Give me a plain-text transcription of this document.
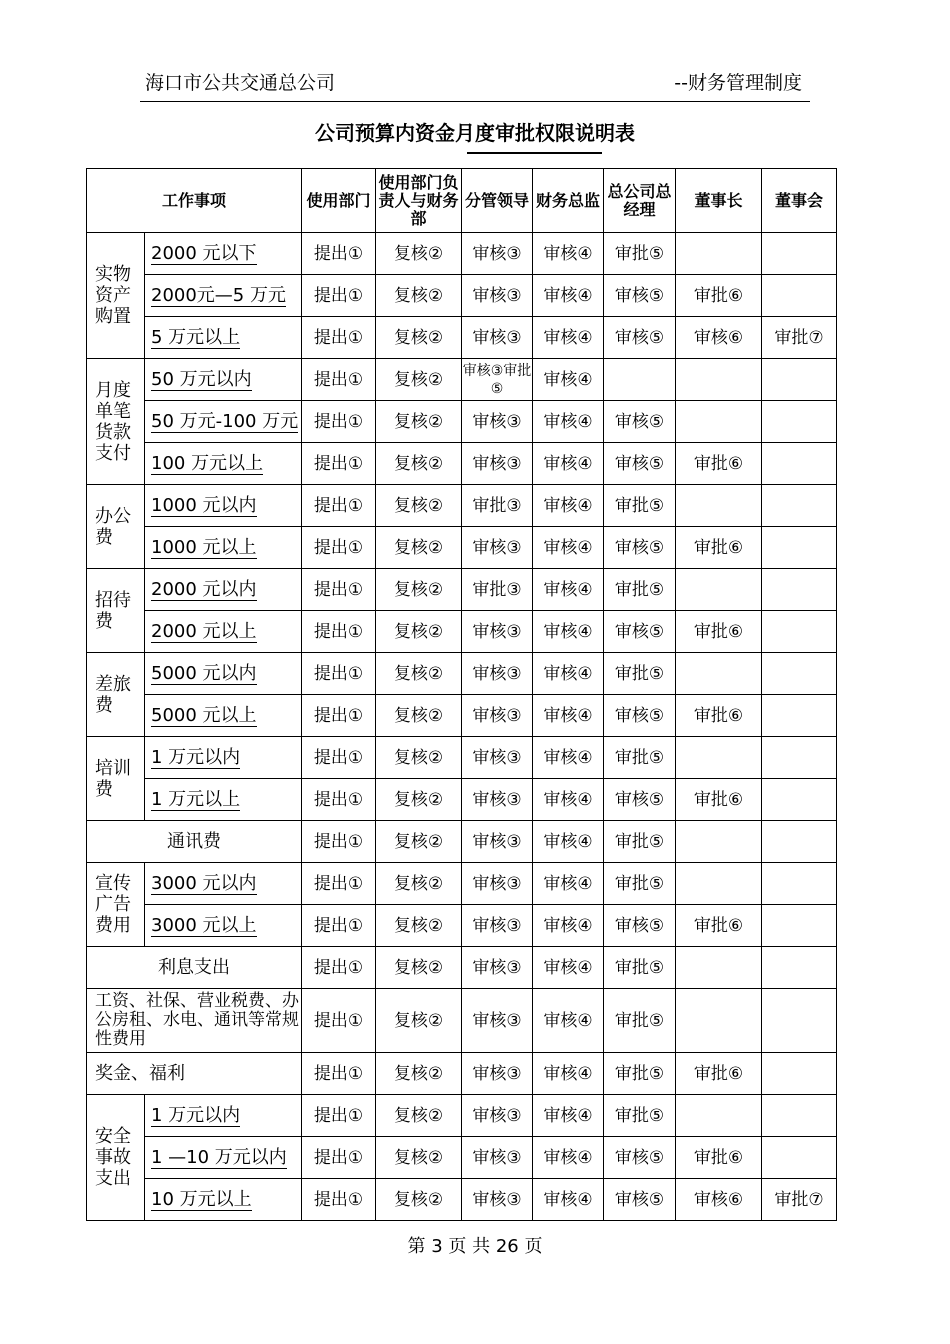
海口市公共交通总公司	--财务管理制度
公司预算内资金月度审批权限说明表
工作事项		使用部门	使用部门负责人与财务部	分管领导	财务总监	总公司总经理	董事长	董事会
实物资产购置	2000 元以下	提出①	复核②	审核③	审核④	审批⑤		
	2000元—5 万元	提出①	复核②	审核③	审核④	审核⑤	审批⑥	
	5 万元以上	提出①	复核②	审核③	审核④	审核⑤	审核⑥	审批⑦
月度单笔货款支付	50 万元以内	提出①	复核②	审核③审批⑤	审核④			
	50 万元-100 万元	提出①	复核②	审核③	审核④	审核⑤		
	100 万元以上	提出①	复核②	审核③	审核④	审核⑤	审批⑥	
办公费	1000 元以内	提出①	复核②	审批③	审核④	审批⑤		
	1000 元以上	提出①	复核②	审核③	审核④	审核⑤	审批⑥	
招待费	2000 元以内	提出①	复核②	审批③	审核④	审批⑤		
	2000 元以上	提出①	复核②	审核③	审核④	审核⑤	审批⑥	
差旅费	5000 元以内	提出①	复核②	审核③	审核④	审批⑤		
	5000 元以上	提出①	复核②	审核③	审核④	审核⑤	审批⑥	
培训费	1 万元以内	提出①	复核②	审核③	审核④	审批⑤		
	1 万元以上	提出①	复核②	审核③	审核④	审核⑤	审批⑥	
通讯费		提出①	复核②	审核③	审核④	审批⑤		
宣传广告费用	3000 元以内	提出①	复核②	审核③	审核④	审批⑤		
	3000 元以上	提出①	复核②	审核③	审核④	审核⑤	审批⑥	
利息支出		提出①	复核②	审核③	审核④	审批⑤		
工资、社保、营业税费、办公房租、水电、通讯等常规性费用		提出①	复核②	审核③	审核④	审批⑤		
奖金、福利		提出①	复核②	审核③	审核④	审批⑤	审批⑥	
安全事故支出	1 万元以内	提出①	复核②	审核③	审核④	审批⑤		
	1 —10 万元以内	提出①	复核②	审核③	审核④	审核⑤	审批⑥	
	10 万元以上	提出①	复核②	审核③	审核④	审核⑤	审核⑥	审批⑦
第 3 页 共 26 页
